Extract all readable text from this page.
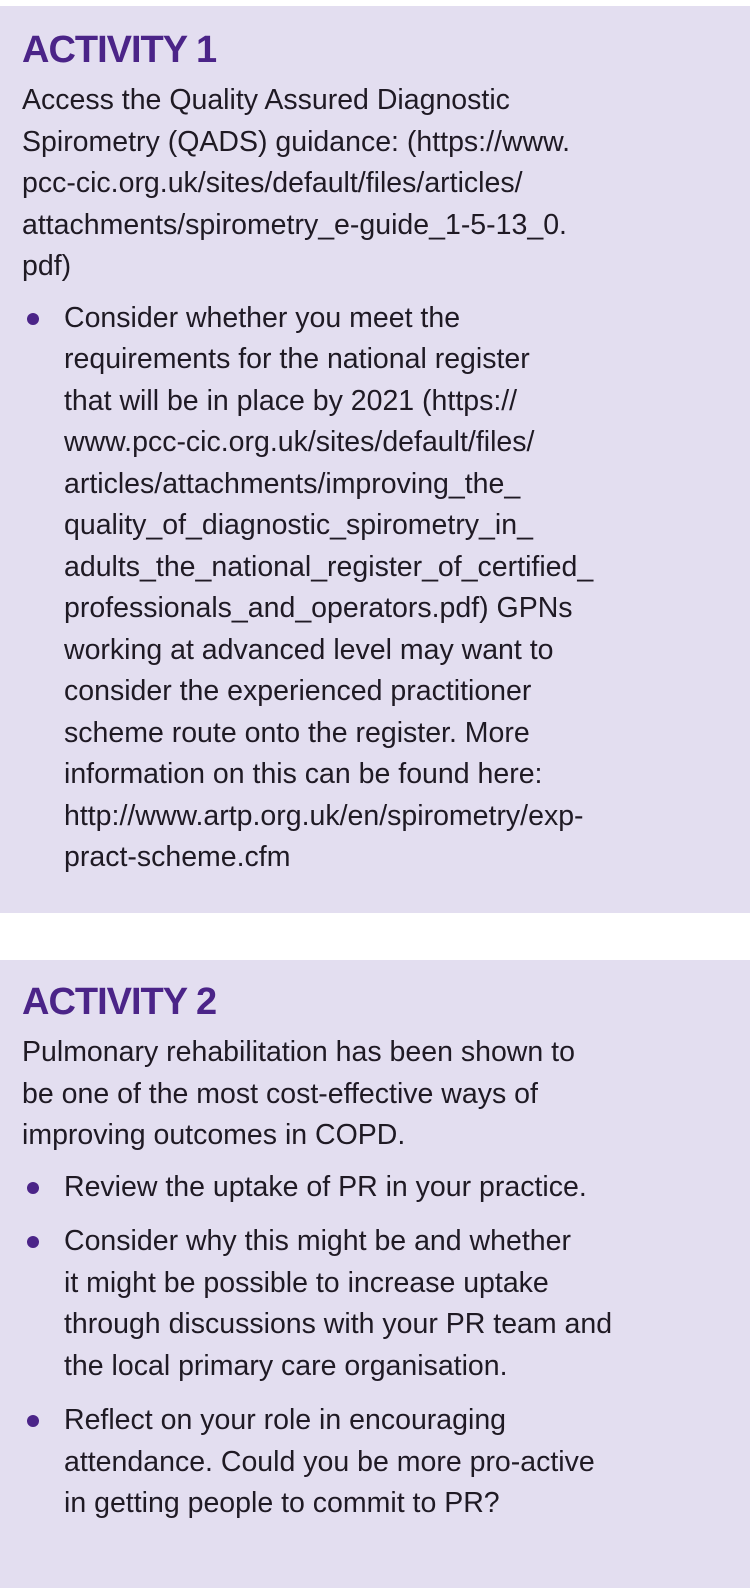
ACTIVITY 1

Access the Quality Assured Diagnostic
Spirometry (QADS) guidance: (https://www.
pcc-cic.org.uk/sites/default/files/articles/
attachments/spirometry_e-guide_1-5-13_0.
pdf)

Consider whether you meet the
requirements for the national register
that will be in place by 2021 (https://
www.pcc-cic.org.uk/sites/default/files/
articles/attachments/improving_the_
quality_of_diagnostic_spirometry_in_
adults_the_national_register_of_certified_
professionals_and_operators.pdf) GPNs
working at advanced level may want to
consider the experienced practitioner
scheme route onto the register. More
information on this can be found here:
http://www.artp.org.uk/en/spirometry/exp-
pract-scheme.cfm
ACTIVITY 2

Pulmonary rehabilitation has been shown to
be one of the most cost-effective ways of
improving outcomes in COPD.

Review the uptake of PR in your practice.
Consider why this might be and whether
it might be possible to increase uptake
through discussions with your PR team and
the local primary care organisation.
Reflect on your role in encouraging
attendance. Could you be more pro-active
in getting people to commit to PR?
